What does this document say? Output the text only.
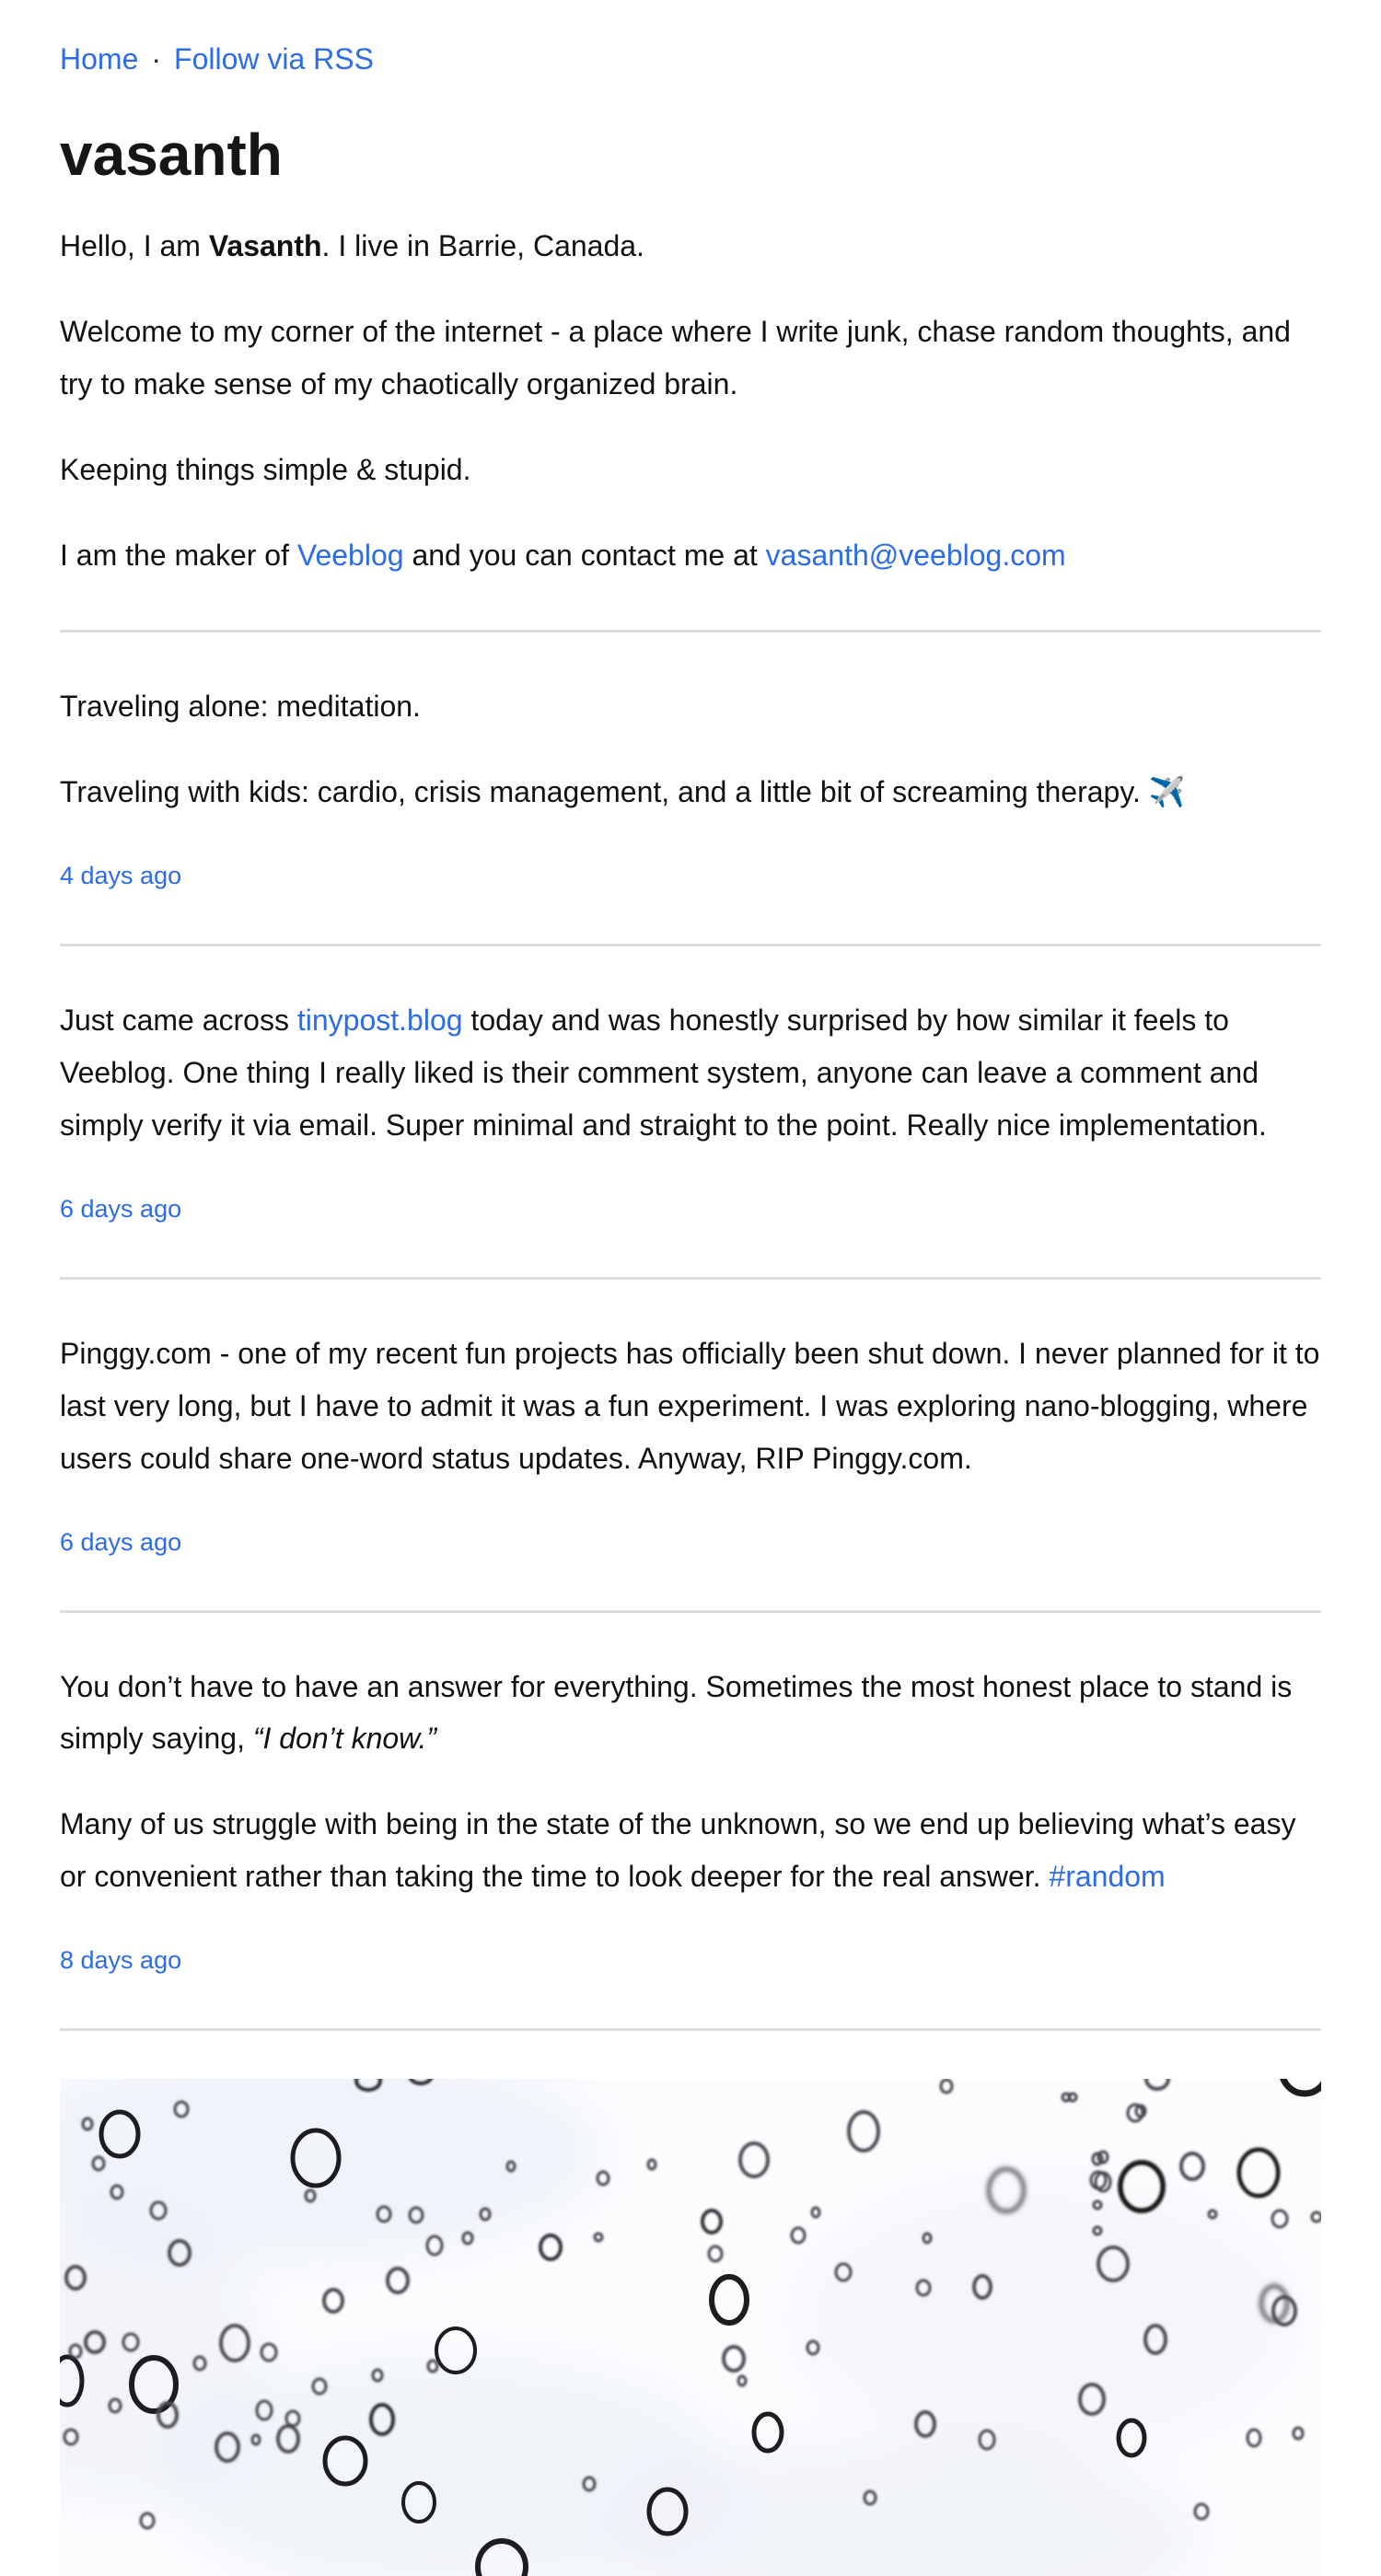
Home · Follow via RSS
vasanth

Hello, I am Vasanth. I live in Barrie, Canada.

Welcome to my corner of the internet - a place where I write junk, chase random thoughts, and try to make sense of my chaotically organized brain.

Keeping things simple & stupid.

I am the maker of Veeblog and you can contact me at vasanth@veeblog.com

Traveling alone: meditation.

Traveling with kids: cardio, crisis management, and a little bit of screaming therapy. ✈️

4 days ago

Just came across tinypost.blog today and was honestly surprised by how similar it feels to Veeblog. One thing I really liked is their comment system, anyone can leave a comment and simply verify it via email. Super minimal and straight to the point. Really nice implementation.

6 days ago

Pinggy.com - one of my recent fun projects has officially been shut down. I never planned for it to last very long, but I have to admit it was a fun experiment. I was exploring nano-blogging, where users could share one-word status updates. Anyway, RIP Pinggy.com.

6 days ago

You don’t have to have an answer for everything. Sometimes the most honest place to stand is simply saying, “I don’t know.”

Many of us struggle with being in the state of the unknown, so we end up believing what’s easy or convenient rather than taking the time to look deeper for the real answer. #random

8 days ago
